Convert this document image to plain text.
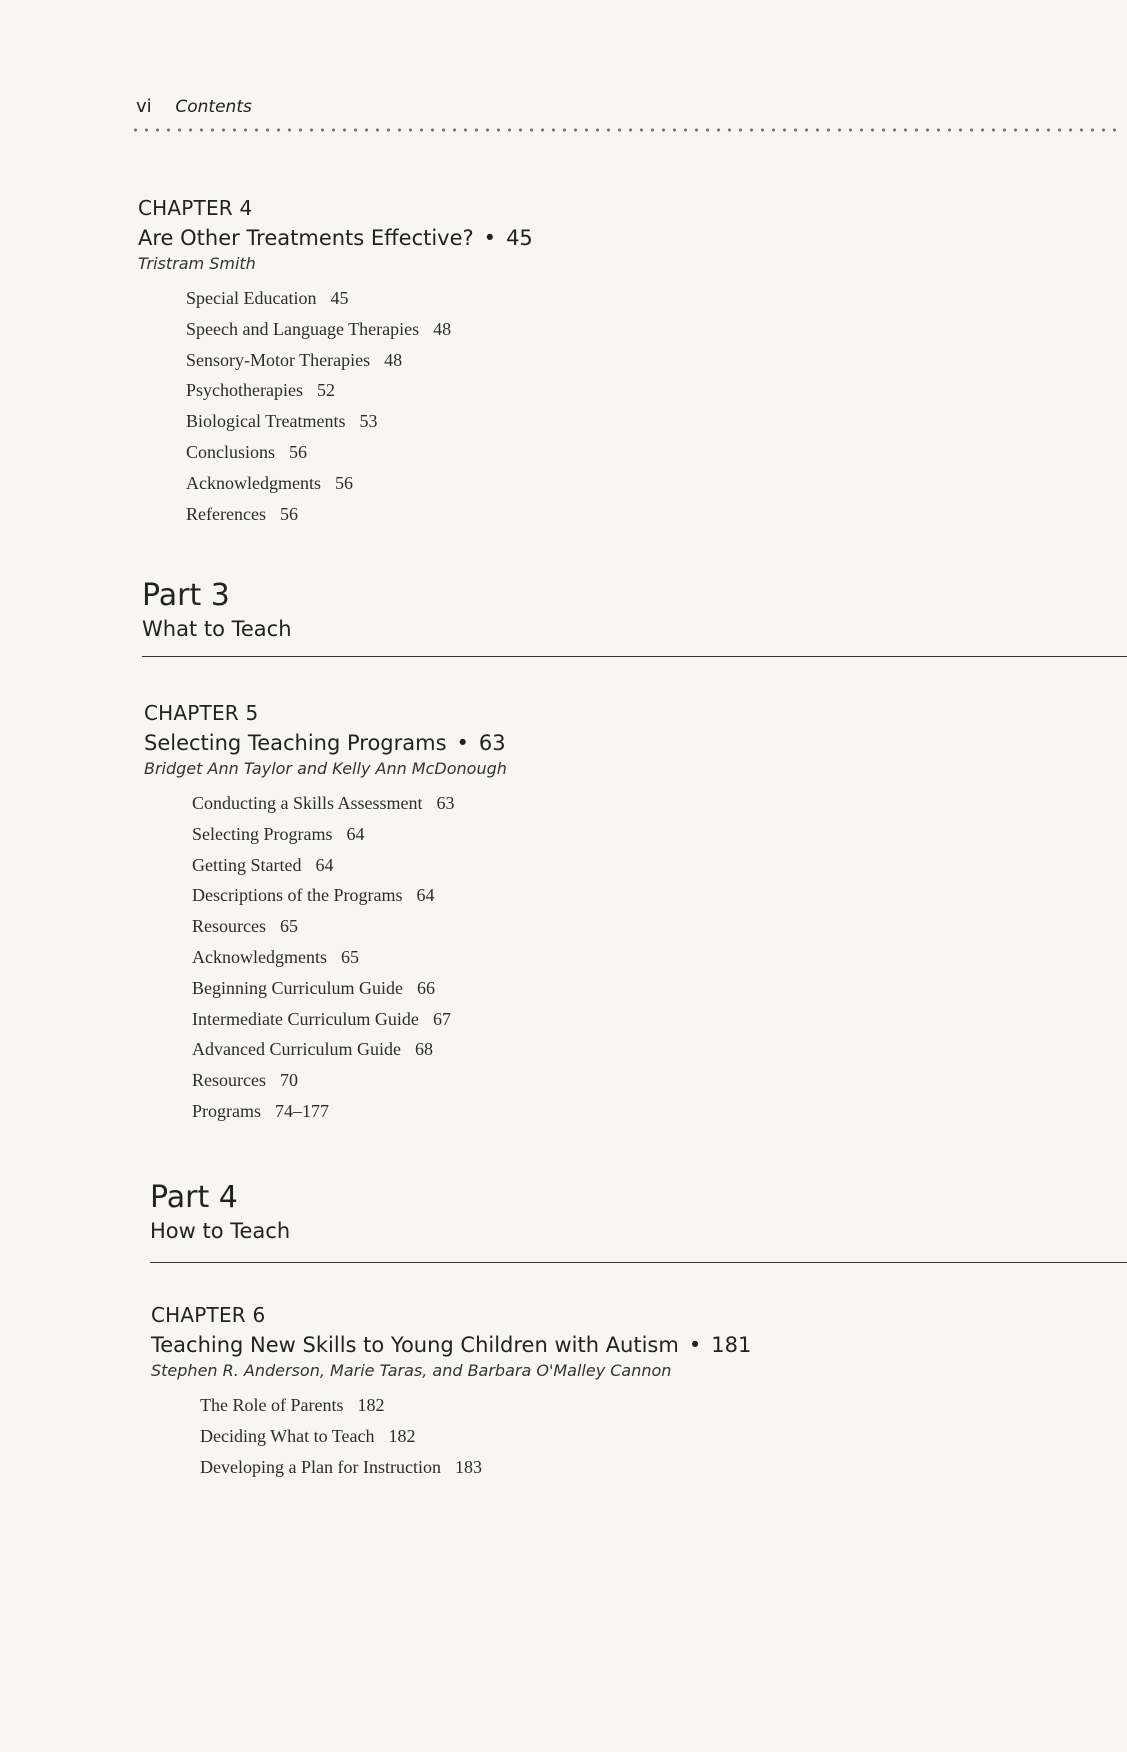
vi Contents
CHAPTER 4
Are Other Treatments Effective? • 45
Tristram Smith
Special Education 45
Speech and Language Therapies 48
Sensory-Motor Therapies 48
Psychotherapies 52
Biological Treatments 53
Conclusions 56
Acknowledgments 56
References 56
Part 3
What to Teach
CHAPTER 5
Selecting Teaching Programs • 63
Bridget Ann Taylor and Kelly Ann McDonough
Conducting a Skills Assessment 63
Selecting Programs 64
Getting Started 64
Descriptions of the Programs 64
Resources 65
Acknowledgments 65
Beginning Curriculum Guide 66
Intermediate Curriculum Guide 67
Advanced Curriculum Guide 68
Resources 70
Programs 74–177
Part 4
How to Teach
CHAPTER 6
Teaching New Skills to Young Children with Autism • 181
Stephen R. Anderson, Marie Taras, and Barbara O'Malley Cannon
The Role of Parents 182
Deciding What to Teach 182
Developing a Plan for Instruction 183
